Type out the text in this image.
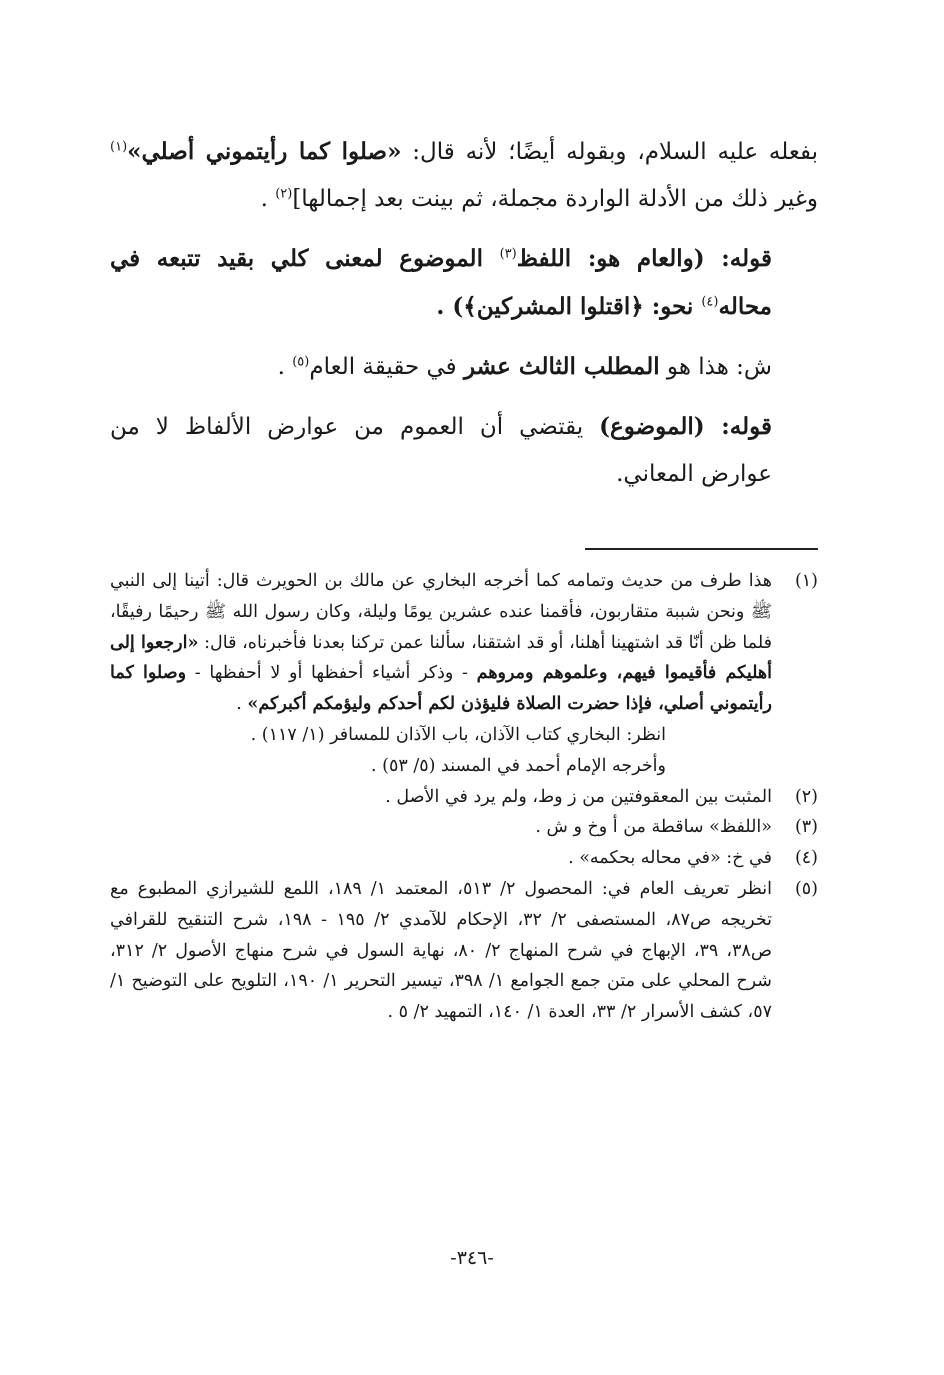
بفعله عليه السلام، وبقوله أيضًا؛ لأنه قال: «صلوا كما رأيتموني أصلي»$^{(١)}$ وغير ذلك من الأدلة الواردة مجملة، ثم بينت بعد إجمالها]$^{(٢)}$ .

قوله: (والعام هو: اللفظ$^{(٣)}$ الموضوع لمعنى كلي بقيد تتبعه في محاله$^{(٤)}$ نحو: ﴿اقتلوا المشركين﴾) .

ش: هذا هو المطلب الثالث عشر في حقيقة العام$^{(٥)}$ .

قوله: (الموضوع) يقتضي أن العموم من عوارض الألفاظ لا من عوارض المعاني.

(١)
هذا طرف من حديث وتمامه كما أخرجه البخاري عن مالك بن الحويرث قال: أتينا إلى النبي ﷺ ونحن شببة متقاربون، فأقمنا عنده عشرين يومًا وليلة، وكان رسول الله ﷺ رحيمًا رفيقًا، فلما ظن أنّا قد اشتهينا أهلنا، أو قد اشتقنا، سألنا عمن تركنا بعدنا فأخبرناه، قال: «ارجعوا إلى أهليكم فأقيموا فيهم، وعلموهم ومروهم - وذكر أشياء أحفظها أو لا أحفظها - وصلوا كما رأيتموني أصلي، فإذا حضرت الصلاة فليؤذن لكم أحدكم وليؤمكم أكبركم» .
انظر: البخاري كتاب الآذان، باب الآذان للمسافر (١/ ١١٧) .
وأخرجه الإمام أحمد في المسند (٥/ ٥٣) .
(٢)
المثبت بين المعقوفتين من ز وط، ولم يرد في الأصل .
(٣)
«اللفظ» ساقطة من أ وخ و ش .
(٤)
في خ: «في محاله بحكمه» .
(٥)
انظر تعريف العام في: المحصول ٢/ ٥١٣، المعتمد ١/ ١٨٩، اللمع للشيرازي المطبوع مع تخريجه ص٨٧، المستصفى ٢/ ٣٢، الإحكام للآمدي ٢/ ١٩٥ - ١٩٨، شرح التنقيح للقرافي ص٣٨، ٣٩، الإبهاج في شرح المنهاج ٢/ ٨٠، نهاية السول في شرح منهاج الأصول ٢/ ٣١٢، شرح المحلي على متن جمع الجوامع ١/ ٣٩٨، تيسير التحرير ١/ ١٩٠، التلويح على التوضيح ١/ ٥٧، كشف الأسرار ٢/ ٣٣، العدة ١/ ١٤٠، التمهيد ٢/ ٥ .
-٣٤٦-
